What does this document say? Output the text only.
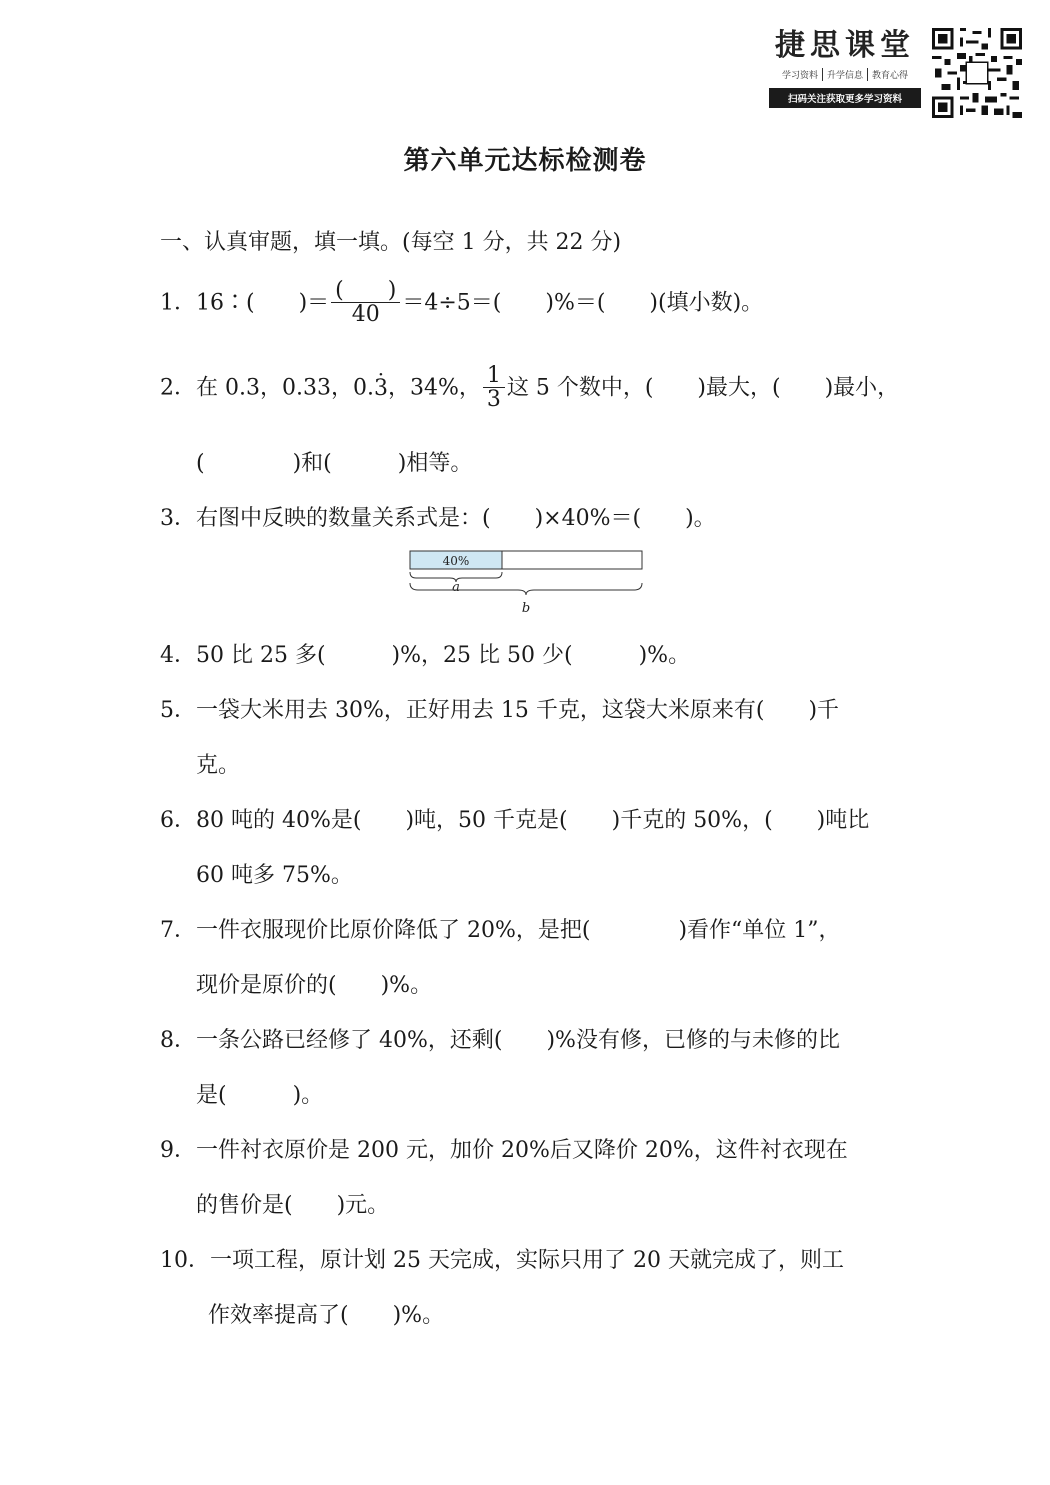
捷思课堂
学习资料	升学信息	教育心得
扫码关注获取更多学习资料
第六单元达标检测卷
一、认真审题，填一填。(每空 1 分，共 22 分)
1．16∶(　　)＝ $\frac{( )}{40} =4\div 5=$(　　)%＝(　　)(填小数)。
2．在 0.3，0.33，0.· 3，34%， $\frac{1}{3}$ 这 5 个数中，(　　)最大，(　　)最小，
(　　　　)和(　　　)相等。
3．右图中反映的数量关系式是：(　　)×40%＝(　　)。
40%
a
b
4．50 比 25 多(　　　)%，25 比 50 少(　　　)%。
5．一袋大米用去 30%，正好用去 15 千克，这袋大米原来有(　　)千
克。
6．80 吨的 40%是(　　)吨，50 千克是(　　)千克的 50%，(　　)吨比
60 吨多 75%。
7．一件衣服现价比原价降低了 20%，是把(　　　　)看作“单位 1”，
现价是原价的(　　)%。
8．一条公路已经修了 40%，还剩(　　)%没有修，已修的与未修的比
是(　　　)。
9．一件衬衣原价是 200 元，加价 20%后又降价 20%，这件衬衣现在
的售价是(　　)元。
10．一项工程，原计划 25 天完成，实际只用了 20 天就完成了，则工
作效率提高了(　　)%。
